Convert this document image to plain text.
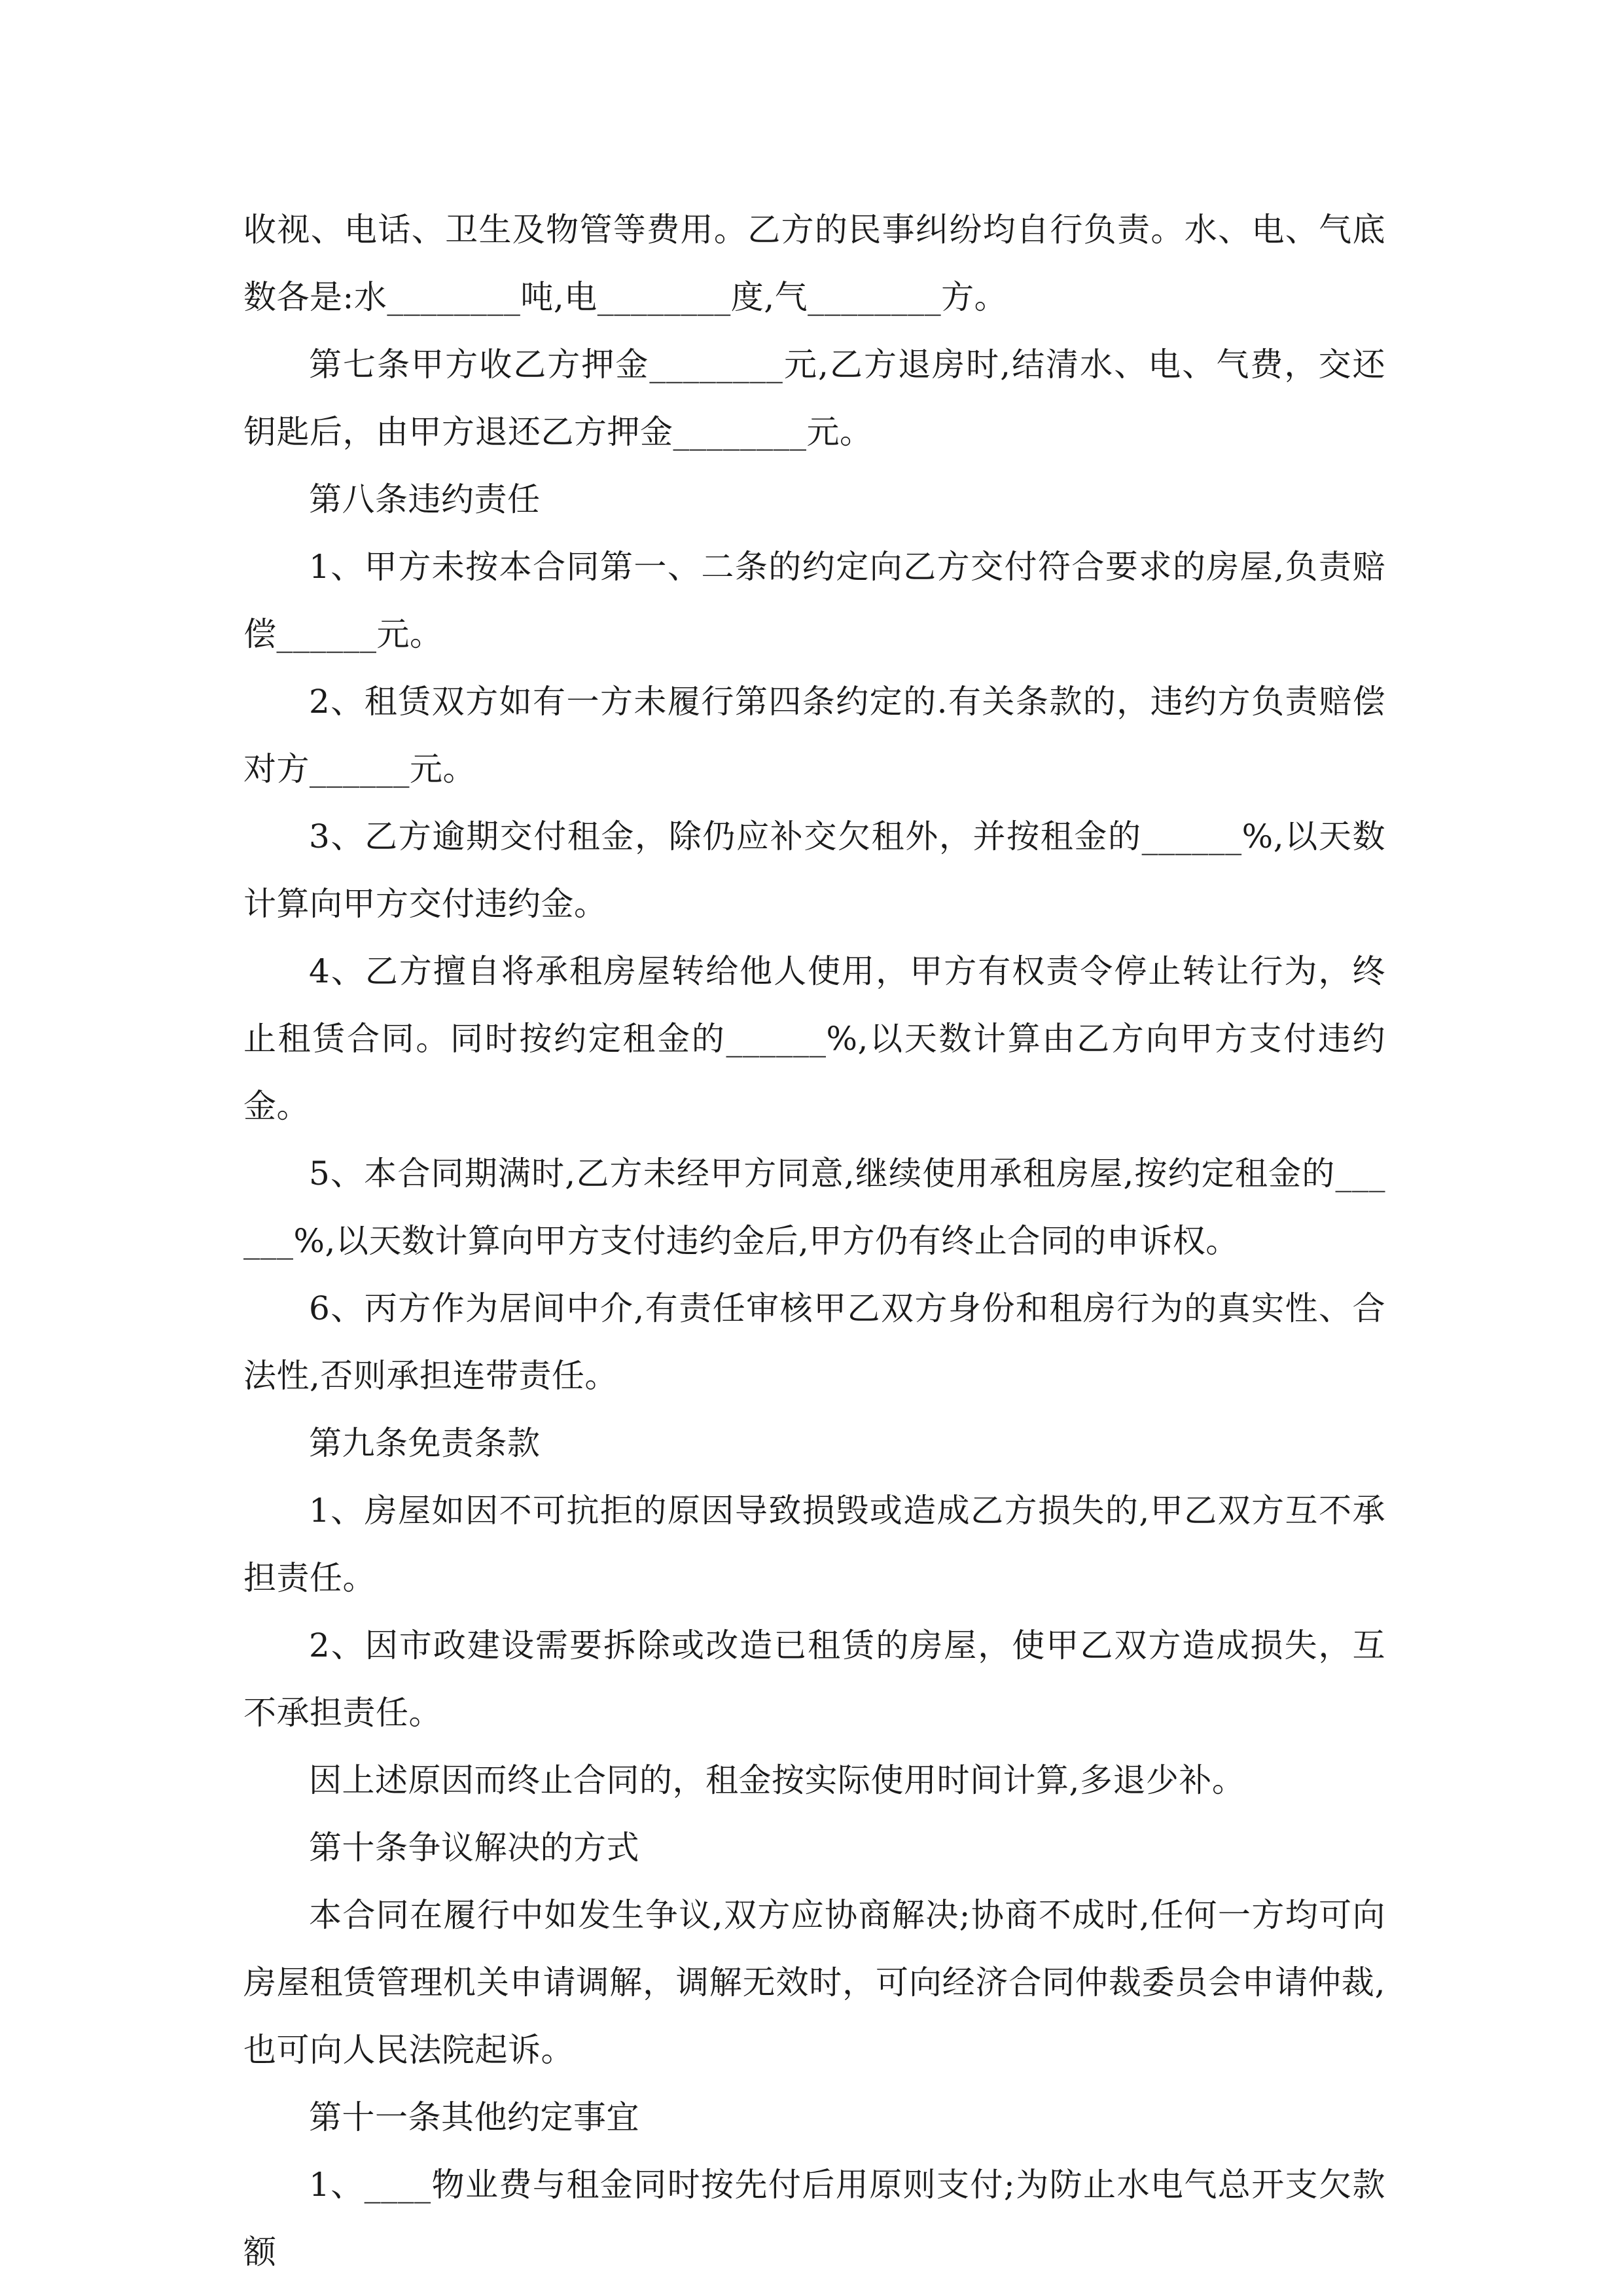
收视、电话、卫生及物管等费用。乙方的民事纠纷均自行负责。水、电、气底数各是:水________吨,电________度,气________方。

第七条甲方收乙方押金________元,乙方退房时,结清水、电、气费，交还钥匙后，由甲方退还乙方押金________元。

第八条违约责任

1、甲方未按本合同第一、二条的约定向乙方交付符合要求的房屋,负责赔偿______元。

2、租赁双方如有一方未履行第四条约定的.有关条款的，违约方负责赔偿对方______元。

3、乙方逾期交付租金，除仍应补交欠租外，并按租金的______%,以天数计算向甲方交付违约金。

4、乙方擅自将承租房屋转给他人使用，甲方有权责令停止转让行为，终止租赁合同。同时按约定租金的______%,以天数计算由乙方向甲方支付违约金。

5、本合同期满时,乙方未经甲方同意,继续使用承租房屋,按约定租金的______%,以天数计算向甲方支付违约金后,甲方仍有终止合同的申诉权。

6、丙方作为居间中介,有责任审核甲乙双方身份和租房行为的真实性、合法性,否则承担连带责任。

第九条免责条款

1、房屋如因不可抗拒的原因导致损毁或造成乙方损失的,甲乙双方互不承担责任。

2、因市政建设需要拆除或改造已租赁的房屋，使甲乙双方造成损失，互不承担责任。

因上述原因而终止合同的，租金按实际使用时间计算,多退少补。

第十条争议解决的方式

本合同在履行中如发生争议,双方应协商解决;协商不成时,任何一方均可向房屋租赁管理机关申请调解，调解无效时，可向经济合同仲裁委员会申请仲裁,也可向人民法院起诉。

第十一条其他约定事宜

1、____物业费与租金同时按先付后用原则支付;为防止水电气总开支欠款额
